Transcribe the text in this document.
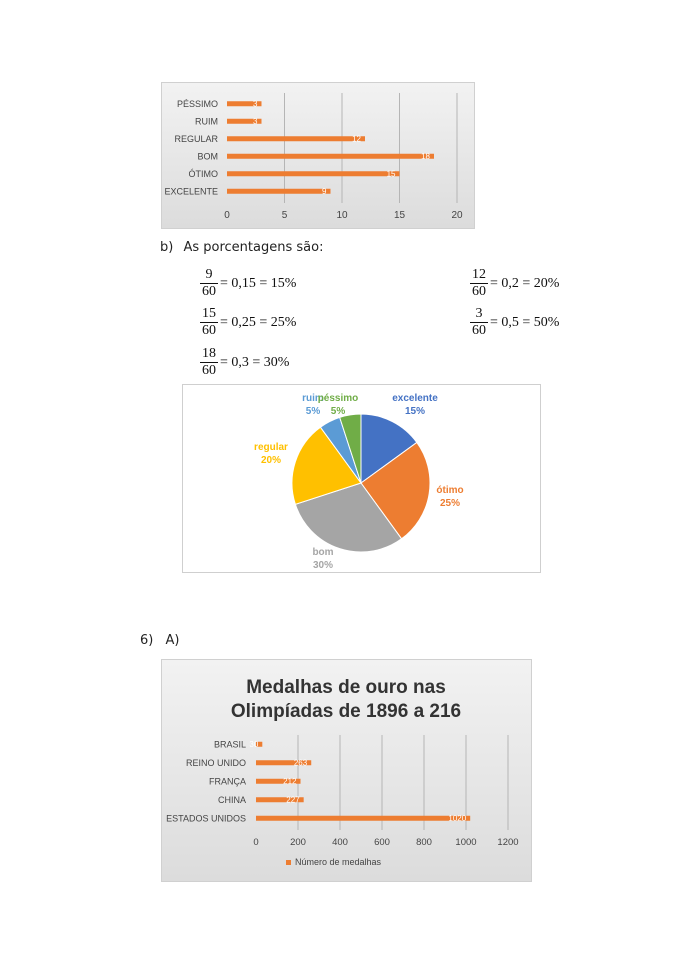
0	5	10	15	20
PÉSSIMO	3
RUIM	3
REGULAR	12
BOM	18
ÓTIMO	15
EXCELENTE	9
b) As porcentagens são:
$\frac{9}{60} = 0,15 = 15\%$	$\frac{12}{60} = 0,2 = 20\%$
$\frac{15}{60} = 0,25 = 25\%$	$\frac{3}{60} = 0,5 = 50\%$
$\frac{18}{60} = 0,3 = 30\%$
excelente
15%
ótimo
25%
bom
30%
regular
20%
ruim
5%
péssimo
5%
6) A)
Medalhas de ouro nas
Olimpíadas de 1896 a 216
0	200	400	600	800 1000 1200
BRASIL 30
REINO UNIDO	263
FRANÇA	212
CHINA	227
ESTADOS UNIDOS	1020
Número de medalhas
